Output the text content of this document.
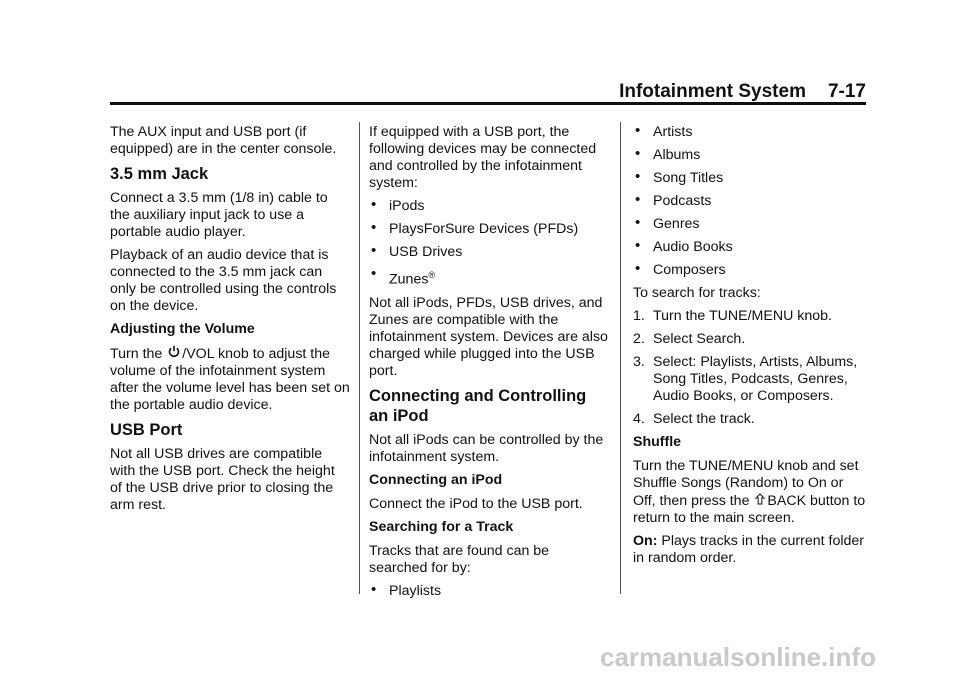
Infotainment System 7-17

The AUX input and USB port (if equipped) are in the center console.

3.5 mm Jack

Connect a 3.5 mm (1/8 in) cable to the auxiliary input jack to use a portable audio player.

Playback of an audio device that is connected to the 3.5 mm jack can only be controlled using the controls on the device.

Adjusting the Volume

Turn the /VOL knob to adjust the volume of the infotainment system after the volume level has been set on the portable audio device.

USB Port

Not all USB drives are compatible with the USB port. Check the height of the USB drive prior to closing the arm rest.

If equipped with a USB port, the following devices may be connected and controlled by the infotainment system:

• iPods
• PlaysForSure Devices (PFDs)
• USB Drives
• Zunes®

Not all iPods, PFDs, USB drives, and Zunes are compatible with the infotainment system. Devices are also charged while plugged into the USB port.

Connecting and Controlling an iPod

Not all iPods can be controlled by the infotainment system.

Connecting an iPod

Connect the iPod to the USB port.

Searching for a Track

Tracks that are found can be searched for by:

• Playlists
• Artists
• Albums
• Song Titles
• Podcasts
• Genres
• Audio Books
• Composers

To search for tracks:

1. Turn the TUNE/MENU knob.
2. Select Search.
3. Select: Playlists, Artists, Albums, Song Titles, Podcasts, Genres, Audio Books, or Composers.
4. Select the track.

Shuffle

Turn the TUNE/MENU knob and set Shuffle Songs (Random) to On or Off, then press the BACK button to return to the main screen.

On: Plays tracks in the current folder in random order.

carmanualsonline.info
